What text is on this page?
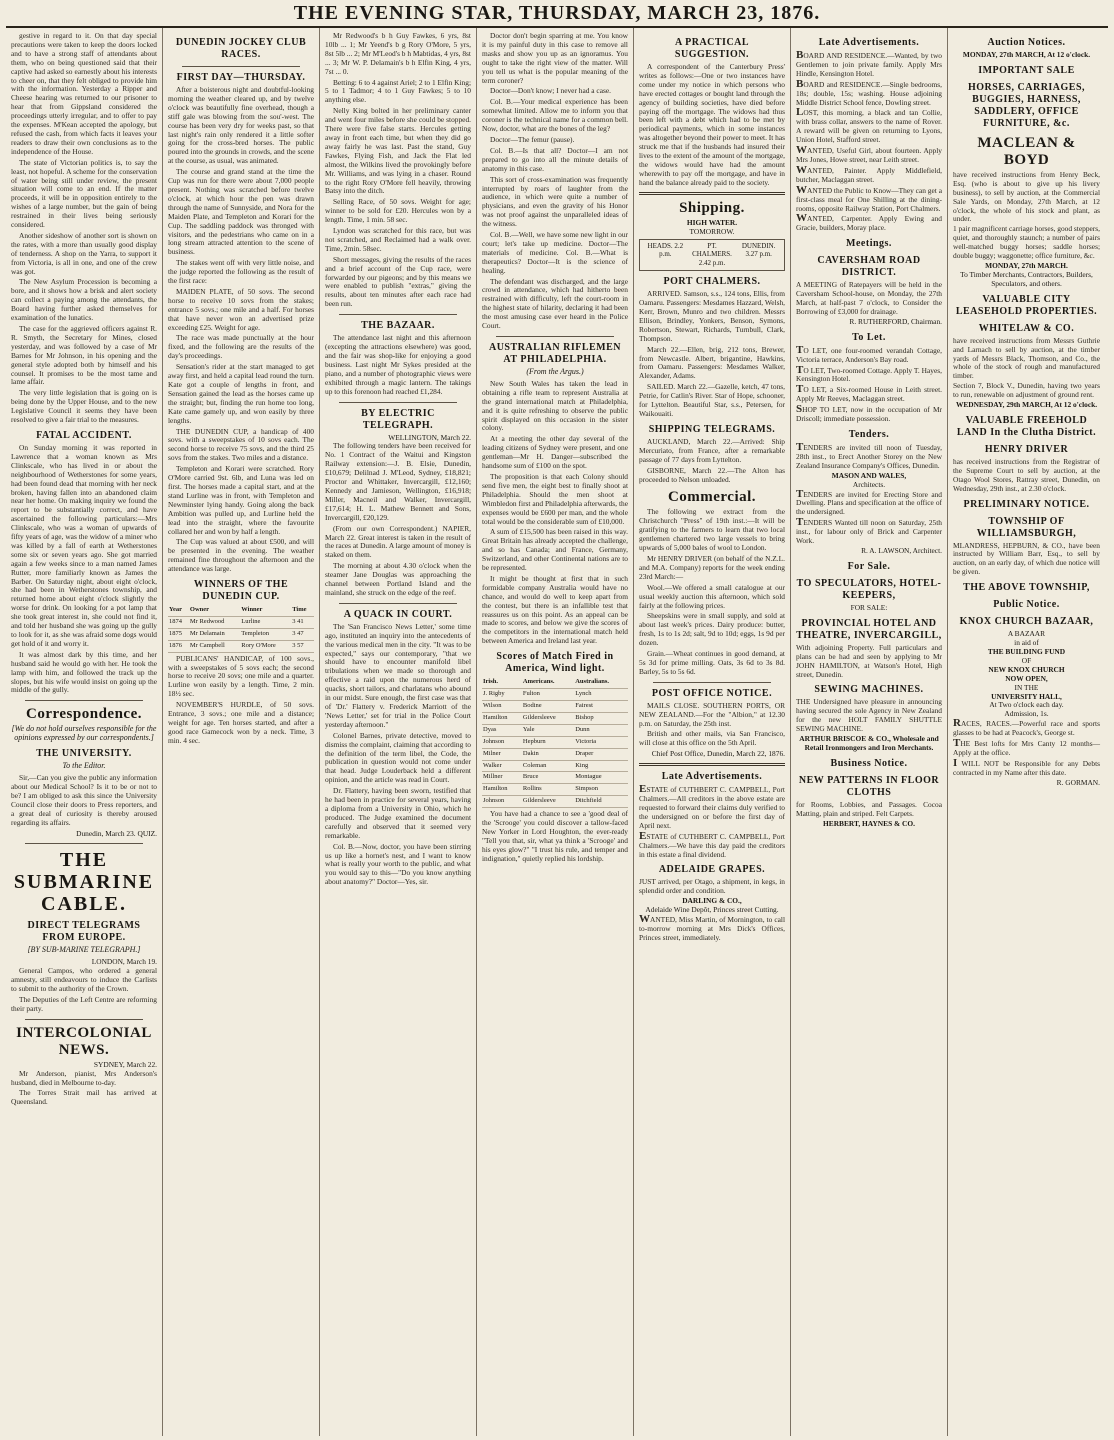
THE EVENING STAR, THURSDAY, MARCH 23, 1876.

gestive in regard to it. On that day special precautions were taken to keep the doors locked and to have a strong staff of attendants about them, who on being questioned said that their captive had asked so earnestly about his interests to cheer on, that they felt obliged to provide him with the information. Yesterday a Ripper and Cheese hearing was returned to our prisoner to hear that from Gippsland considered the proceedings utterly irregular, and to offer to pay the expenses. M'Kean accepted the apology, but refused the cash, from which facts it leaves your readers to draw their own conclusions as to the independence of the House.

The state of Victorian politics is, to say the least, not hopeful. A scheme for the conservation of water being still under review, the present situation will come to an end. If the matter proceeds, it will be in opposition entirely to the wishes of a large number, but the gain of being restrained in their lives being seriously considered.

Another sideshow of another sort is shown on the rates, with a more than usually good display of tenderness. A shop on the Yarra, to support it from Victoria, is all in one, and one of the crew was got.

The New Asylum Procession is becoming a bore, and it shows how a brisk and alert society can collect a paying among the attendants, the Board having further asked themselves for examination of the lunatics.

The case for the aggrieved officers against R. R. Smyth, the Secretary for Mines, closed yesterday, and was followed by a case of Mr Barnes for Mr Johnson, in his opening and the general style adopted both by himself and his counsel. It promises to be the most tame and lame affair.

The very little legislation that is going on is being done by the Upper House, and to the new Legislative Council it seems they have been resolved to give a fair trial to the measures.

FATAL ACCIDENT.

On Sunday morning it was reported in Lawrence that a woman known as Mrs Clinkscale, who has lived in or about the neighbourhood of Wetherstones for some years, had been found dead that morning with her neck broken, having fallen into an abandoned claim near her home. On making inquiry we found the report to be substantially correct, and have ascertained the following particulars:—Mrs Clinkscale, who was a woman of upwards of fifty years of age, was the widow of a miner who was killed by a fall of earth at Wetherstones some six or seven years ago. She got married again a few weeks since to a man named James Rutter, more familiarly known as James the Barber. On Saturday night, about eight o'clock, she had been in Wetherstones township, and returned home about eight o'clock slightly the worse for drink. On looking for a pot lamp that she took great interest in, she could not find it, and told her husband she was going up the gully to look for it, as she was afraid some dogs would get hold of it and worry it.

It was almost dark by this time, and her husband said he would go with her. He took the lamp with him, and followed the track up the slopes, but his wife would insist on going up the middle of the gully.

Correspondence.
[We do not hold ourselves responsible for the opinions expressed by our correspondents.]
THE UNIVERSITY.
To the Editor.

Sir,—Can you give the public any information about our Medical School? Is it to be or not to be? I am obliged to ask this since the University Council close their doors to Press reporters, and a great deal of curiosity is thereby aroused regarding its affairs.

Dunedin, March 23. QUIZ.
THE SUBMARINE CABLE.
DIRECT TELEGRAMS FROM EUROPE.
[BY SUB-MARINE TELEGRAPH.]
LONDON, March 19.

General Campos, who ordered a general amnesty, still endeavours to induce the Carlists to submit to the authority of the Crown.

The Deputies of the Left Centre are reforming their party.

INTERCOLONIAL NEWS.
SYDNEY, March 22.

Mr Anderson, pianist, Mrs Anderson's husband, died in Melbourne to-day.

The Torres Strait mail has arrived at Queensland.

DUNEDIN JOCKEY CLUB RACES.
FIRST DAY—THURSDAY.

After a boisterous night and doubtful-looking morning the weather cleared up, and by twelve o'clock was beautifully fine overhead, though a stiff gale was blowing from the sou'-west. The course has been very dry for weeks past, so that last night's rain only rendered it a little softer going for the cross-bred horses. The public poured into the grounds in crowds, and the scene at the course, as usual, was animated.

The course and grand stand at the time the Cup was run for there were about 7,000 people present. Nothing was scratched before twelve o'clock, at which hour the pen was drawn through the name of Sunnyside, and Nora for the Maiden Plate, and Templeton and Korari for the Cup. The saddling paddock was thronged with visitors, and the pedestrians who came on in a long stream attracted attention to the scene of business.

The stakes went off with very little noise, and the judge reported the following as the result of the first race:

MAIDEN PLATE, of 50 sovs. The second horse to receive 10 sovs from the stakes; entrance 5 sovs.; one mile and a half. For horses that have never won an advertised prize exceeding £25. Weight for age.

The race was made punctually at the hour fixed, and the following are the results of the day's proceedings.

Sensation's rider at the start managed to get away first, and held a capital lead round the turn. Kate got a couple of lengths in front, and Sensation gained the lead as the horses came up the straight; but, finding the run home too long, Kate came gamely up, and won easily by three lengths.

THE DUNEDIN CUP, a handicap of 400 sovs. with a sweepstakes of 10 sovs each. The second horse to receive 75 sovs, and the third 25 sovs from the stakes. Two miles and a distance.

Templeton and Korari were scratched. Rory O'More carried 9st. 6lb, and Luna was led on first. The horses made a capital start, and at the stand Lurline was in front, with Templeton and Newminster lying handy. Going along the back Ambition was pulled up, and Lurline held the lead into the straight, where the favourite collared her and won by half a length.

The Cup was valued at about £500, and will be presented in the evening. The weather remained fine throughout the afternoon and the attendance was large.

WINNERS OF THE DUNEDIN CUP.
Year	Owner	Winner	Time
1874	Mr Redwood	Lurline	3 41
1875	Mr Delamain	Templeton	3 47
1876	Mr Campbell	Rory O'More	3 57

PUBLICANS' HANDICAP, of 100 sovs., with a sweepstakes of 5 sovs each; the second horse to receive 20 sovs; one mile and a quarter. Lurline won easily by a length. Time, 2 min. 18½ sec.

NOVEMBER'S HURDLE, of 50 sovs. Entrance, 3 sovs.; one mile and a distance; weight for age. Ten horses started, and after a good race Gamecock won by a neck. Time, 3 min. 4 sec.

Mr Redwood's b h Guy Fawkes, 6 yrs, 8st 10lb ... 1; Mr Yeend's b g Rory O'More, 5 yrs, 8st 5lb ... 2; Mr M'Leod's b h Mabtidas, 4 yrs, 8st ... 3; Mr W. P. Delamain's b h Elfin King, 4 yrs, 7st ... 0.

Betting: 6 to 4 against Ariel; 2 to 1 Elfin King; 5 to 1 Tadmor; 4 to 1 Guy Fawkes; 5 to 10 anything else.

Nelly King bolted in her preliminary canter and went four miles before she could be stopped. There were five false starts. Hercules getting away in front each time, but when they did go away fairly he was last. Past the stand, Guy Fawkes, Flying Fish, and Jack the Flat led almost, the Wilkins lived the provokingly before Mr. Williams, and was lying in a chaser. Round to the right Rory O'More fell heavily, throwing Batsy into the ditch.

Selling Race, of 50 sovs. Weight for age; winner to be sold for £20. Hercules won by a length. Time, 1 min. 58 sec.

Lyndon was scratched for this race, but was not scratched, and Reclaimed had a walk over. Time, 2min. 58sec.

Short messages, giving the results of the races and a brief account of the Cup race, were forwarded by our pigeons; and by this means we were enabled to publish "extras," giving the results, about ten minutes after each race had been run.

THE BAZAAR.

The attendance last night and this afternoon (excepting the attractions elsewhere) was good, and the fair was shop-like for enjoying a good business. Last night Mr Sykes presided at the piano, and a number of photographic views were exhibited through a magic lantern. The takings up to this forenoon had reached £1,284.

BY ELECTRIC TELEGRAPH.
WELLINGTON, March 22.

The following tenders have been received for No. 1 Contract of the Waitui and Kingston Railway extension:—J. B. Elsie, Dunedin, £10,679; Delilnad J. M'Leod, Sydney, £18,821; Proctor and Whittaker, Invercargill, £12,160; Kennedy and Jamieson, Wellington, £16,918; Miller, Macneil and Walker, Invercargill, £17,614; H. L. Mathew Bennett and Sons, Invercargill, £20,129.

(From our own Correspondent.) NAPIER, March 22. Great interest is taken in the result of the races at Dunedin. A large amount of money is staked on them.

The morning at about 4.30 o'clock when the steamer Jane Douglas was approaching the channel between Portland Island and the mainland, she struck on the edge of the reef.

A QUACK IN COURT.

The 'San Francisco News Letter,' some time ago, instituted an inquiry into the antecedents of the various medical men in the city. "It was to be expected," says our contemporary, "that we should have to encounter manifold libel tribulations when we made so thorough and effective a raid upon the numerous herd of quacks, short tailors, and charlatans who abound in our midst. Sure enough, the first case was that of 'Dr.' Flattery v. Frederick Marriott of the 'News Letter,' set for trial in the Police Court yesterday afternoon."

Colonel Barnes, private detective, moved to dismiss the complaint, claiming that according to the definition of the term libel, the Code, the publication in question would not come under that head. Judge Louderback held a different opinion, and the article was read in Court.

Dr. Flattery, having been sworn, testified that he had been in practice for several years, having a diploma from a University in Ohio, which he produced. The Judge examined the document carefully and observed that it seemed very remarkable.

Col. B.—Now, doctor, you have been stirring us up like a hornet's nest, and I want to know what is really your worth to the public, and what you would say to this—"Do you know anything about anatomy?" Doctor—Yes, sir.

Doctor don't begin sparring at me. You know it is my painful duty in this case to remove all masks and show you up as an ignoramus. You ought to take the right view of the matter. Will you tell us what is the popular meaning of the term coroner?

Doctor—Don't know; I never had a case.

Col. B.—Your medical experience has been somewhat limited. Allow me to inform you that coroner is the technical name for a common bell. Now, doctor, what are the bones of the leg?

Doctor—The femur (pause).

Col. B.—Is that all? Doctor—I am not prepared to go into all the minute details of anatomy in this case.

This sort of cross-examination was frequently interrupted by roars of laughter from the audience, in which were quite a number of physicians, and even the gravity of his Honor was not proof against the unparalleled ideas of the witness.

Col. B.—Well, we have some new light in our court; let's take up medicine. Doctor—The materials of medicine. Col. B.—What is therapeutics? Doctor—It is the science of healing.

The defendant was discharged, and the large crowd in attendance, which had hitherto been restrained with difficulty, left the court-room in the highest state of hilarity, declaring it had been the most amusing case ever heard in the Police Court.

AUSTRALIAN RIFLEMEN AT PHILADELPHIA.
(From the Argus.)

New South Wales has taken the lead in obtaining a rifle team to represent Australia at the grand international match at Philadelphia, and it is quite refreshing to observe the public spirit displayed on this occasion in the sister colony.

At a meeting the other day several of the leading citizens of Sydney were present, and one gentleman—Mr H. Danger—subscribed the handsome sum of £100 on the spot.

The proposition is that each Colony should send five men, the eight best to finally shoot at Philadelphia. Should the men shoot at Wimbledon first and Philadelphia afterwards, the expenses would be £600 per man, and the whole total would be the considerable sum of £10,000.

A sum of £15,500 has been raised in this way. Great Britain has already accepted the challenge, and so has Canada; and France, Germany, Switzerland, and other Continental nations are to be represented.

It might be thought at first that in such formidable company Australia would have no chance, and would do well to keep apart from the contest, but there is an infallible test that reassures us on this point. As an appeal can be made to scores, and below we give the scores of the competitors in the international match held between America and Ireland last year.

Scores of Match Fired in America, Wind light.
Irish.	Americans.	Australians.
J. Rigby	Fulton	Lynch
Wilson	Bodine	Fairest
Hamilton	Gildersleeve	Bishop
Dyas	Yale	Dunn
Johnson	Hepburn	Victoria
Milner	Dakin	Draper
Walker	Coleman	King
Millner	Bruce	Montague
Hamilton	Rollins	Simpson
Johnson	Gildersleeve	Ditchfield

You have had a chance to see a 'good deal of the 'Scrooge' you could discover a tallow-faced New Yorker in Lord Houghton, the ever-ready "Tell you that, sir, what ya think a 'Scrooge' and his eyes glow?" "I trust his rule, and temper and indignation," quietly replied his lordship.

A PRACTICAL SUGGESTION.

A correspondent of the Canterbury Press' writes as follows:—One or two instances have come under my notice in which persons who have erected cottages or bought land through the agency of building societies, have died before paying off the mortgage. The widows had thus been left with a debt which had to be met by periodical payments, which in some instances was altogether beyond their power to meet. It has struck me that if the husbands had insured their lives to the extent of the amount of the mortgage, the widows would have had the amount wherewith to pay off the mortgage, and have in hand the balance already paid to the society.

Shipping.
HIGH WATER.
TOMORROW.
HEADS. 2.2 p.m.
PT. CHALMERS. 2.42 p.m.
DUNEDIN. 3.27 p.m.
PORT CHALMERS.

ARRIVED. Samson, s.s., 124 tons, Ellis, from Oamaru. Passengers: Mesdames Hazzard, Welsh, Kerr, Brown, Munro and two children. Messrs Ellison, Brindley, Yonkers, Benson, Symons, Robertson, Stewart, Richards, Turnbull, Clark, Thompson.

March 22.—Ellen, brig, 212 tons, Brewer, from Newcastle. Albert, brigantine, Hawkins, from Oamaru. Passengers: Mesdames Walker, Alexander, Adams.

SAILED. March 22.—Gazelle, ketch, 47 tons, Petrie, for Catlin's River. Star of Hope, schooner, for Lyttelton. Beautiful Star, s.s., Petersen, for Waikouaiti.

SHIPPING TELEGRAMS.

AUCKLAND, March 22.—Arrived: Ship Mercuriato, from France, after a remarkable passage of 77 days from Lyttelton.

GISBORNE, March 22.—The Alton has proceeded to Nelson unloaded.

Commercial.

The following we extract from the Christchurch "Press" of 19th inst.:—It will be gratifying to the farmers to learn that two local gentlemen chartered two large vessels to bring upwards of 5,000 bales of wool to London.

Mr HENRY DRIVER (on behalf of the N.Z.L. and M.A. Company) reports for the week ending 23rd March:—

Wool.—We offered a small catalogue at our usual weekly auction this afternoon, which sold fairly at the following prices.

Sheepskins were in small supply, and sold at about last week's prices. Dairy produce: butter, fresh, 1s to 1s 2d; salt, 9d to 10d; eggs, 1s 9d per dozen.

Grain.—Wheat continues in good demand, at 5s 3d for prime milling. Oats, 3s 6d to 3s 8d. Barley, 5s to 5s 6d.

POST OFFICE NOTICE.

MAILS CLOSE. SOUTHERN PORTS, OR NEW ZEALAND.—For the "Albion," at 12.30 p.m. on Saturday, the 25th inst.

British and other mails, via San Francisco, will close at this office on the 5th April.

Chief Post Office, Dunedin, March 22, 1876.
Late Advertisements.

ESTATE of CUTHBERT C. CAMPBELL, Port Chalmers.—All creditors in the above estate are requested to forward their claims duly verified to the undersigned on or before the first day of April next.

ESTATE of CUTHBERT C. CAMPBELL, Port Chalmers.—We have this day paid the creditors in this estate a final dividend.

ADELAIDE GRAPES.

JUST arrived, per Otago, a shipment, in kegs, in splendid order and condition.

DARLING & CO.,
Adelaide Wine Depôt, Princes street Cutting.

WANTED, Miss Martin, of Mornington, to call to-morrow morning at Mrs Dick's Offices, Princes street, immediately.

Late Advertisements.

BOARD AND RESIDENCE.—Wanted, by two Gentlemen to join private family. Apply Mrs Hindle, Kensington Hotel.

BOARD and RESIDENCE.—Single bedrooms, 18s; double, 15s; washing. House adjoining Middle District School fence, Dowling street.

LOST, this morning, a black and tan Collie, with brass collar, answers to the name of Rover. A reward will be given on returning to Lyons, Union Hotel, Stafford street.

WANTED, Useful Girl, about fourteen. Apply Mrs Jones, Howe street, near Leith street.

WANTED, Painter. Apply Middlefield, butcher, Maclaggan street.

WANTED the Public to Know—They can get a first-class meal for One Shilling at the dining-rooms, opposite Railway Station, Port Chalmers.

WANTED, Carpenter. Apply Ewing and Gracie, builders, Moray place.

Meetings.
CAVERSHAM ROAD DISTRICT.

A MEETING of Ratepayers will be held in the Caversham School-house, on Monday, the 27th March, at half-past 7 o'clock, to Consider the Borrowing of £3,000 for drainage.

R. RUTHERFORD, Chairman.
To Let.

TO LET, one four-roomed verandah Cottage, Victoria terrace, Anderson's Bay road.

TO LET, Two-roomed Cottage. Apply T. Hayes, Kensington Hotel.

TO LET, a Six-roomed House in Leith street. Apply Mr Reeves, Maclaggan street.

SHOP TO LET, now in the occupation of Mr Driscoll; immediate possession.

Tenders.

TENDERS are invited till noon of Tuesday, 28th inst., to Erect Another Storey on the New Zealand Insurance Company's Offices, Dunedin.

MASON AND WALES,
Architects.

TENDERS are invited for Erecting Store and Dwelling. Plans and specification at the office of the undersigned.

TENDERS Wanted till noon on Saturday, 25th inst., for labour only of Brick and Carpenter Work.

R. A. LAWSON, Architect.
For Sale.
TO SPECULATORS, HOTEL-KEEPERS,
FOR SALE:
PROVINCIAL HOTEL AND THEATRE, INVERCARGILL,

With adjoining Property. Full particulars and plans can be had and seen by applying to Mr JOHN HAMILTON, at Watson's Hotel, High street, Dunedin.

SEWING MACHINES.

THE Undersigned have pleasure in announcing having secured the sole Agency in New Zealand for the new HOLT FAMILY SHUTTLE SEWING MACHINE.

ARTHUR BRISCOE & CO., Wholesale and Retail Ironmongers and Iron Merchants.
Business Notice.
NEW PATTERNS IN FLOOR CLOTHS

for Rooms, Lobbies, and Passages. Cocoa Matting, plain and striped. Felt Carpets.

HERBERT, HAYNES & CO.
Auction Notices.
MONDAY, 27th MARCH, At 12 o'clock.
IMPORTANT SALE
HORSES, CARRIAGES, BUGGIES, HARNESS, SADDLERY, OFFICE FURNITURE, &c.
MACLEAN & BOYD

have received instructions from Henry Beck, Esq. (who is about to give up his livery business), to sell by auction, at the Commercial Sale Yards, on Monday, 27th March, at 12 o'clock, the whole of his stock and plant, as under.

1 pair magnificent carriage horses, good steppers, quiet, and thoroughly staunch; a number of pairs well-matched buggy horses; saddle horses; double buggy; waggonette; office furniture, &c.

MONDAY, 27th MARCH.
To Timber Merchants, Contractors, Builders, Speculators, and others.
VALUABLE CITY LEASEHOLD PROPERTIES.
WHITELAW & CO.

have received instructions from Messrs Guthrie and Larnach to sell by auction, at the timber yards of Messrs Black, Thomson, and Co., the whole of the stock of rough and manufactured timber.

Section 7, Block V., Dunedin, having two years to run, renewable on adjustment of ground rent.

WEDNESDAY, 29th MARCH, At 12 o'clock.
VALUABLE FREEHOLD LAND In the Clutha District.
HENRY DRIVER

has received instructions from the Registrar of the Supreme Court to sell by auction, at the Otago Wool Stores, Rattray street, Dunedin, on Wednesday, 29th inst., at 2.30 o'clock.

PRELIMINARY NOTICE.
TOWNSHIP OF WILLIAMSBURGH,

MLANDRESS, HEPBURN, & CO., have been instructed by William Barr, Esq., to sell by auction, on an early day, of which due notice will be given.

THE ABOVE TOWNSHIP,
Public Notice.
KNOX CHURCH BAZAAR,
A BAZAAR
in aid of
THE BUILDING FUND
OF
NEW KNOX CHURCH
NOW OPEN,
IN THE
UNIVERSITY HALL,
At Two o'clock each day.
Admission, 1s.

RACES, RACES.—Powerful race and sports glasses to be had at Peacock's, George st.

THE Best lofts for Mrs Canty 12 months—Apply at the office.

I WILL NOT be Responsible for any Debts contracted in my Name after this date.

R. GORMAN.
